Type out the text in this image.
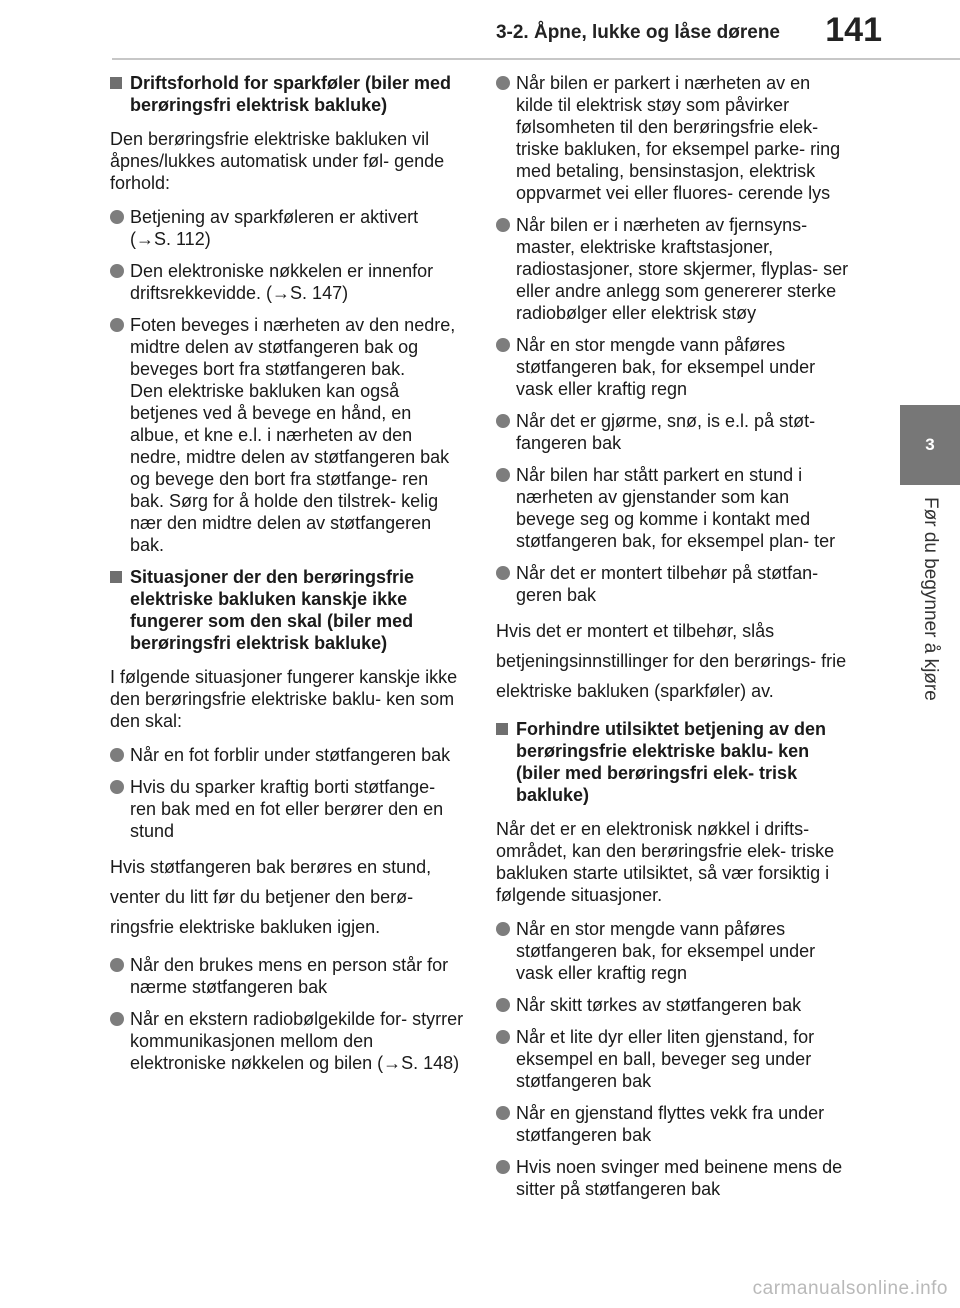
3-2. Åpne, lukke og låse dørene 141
3
Før du begynner å kjøre
Driftsforhold for sparkføler (biler med berøringsfri elektrisk bakluke)
Den berøringsfrie elektriske bakluken vil åpnes/lukkes automatisk under føl- gende forhold:
Betjening av sparkføleren er aktivert (→S. 112)
Den elektroniske nøkkelen er innenfor driftsrekkevidde. (→S. 147)
Foten beveges i nærheten av den nedre, midtre delen av støtfangeren bak og beveges bort fra støtfangeren bak.
Den elektriske bakluken kan også betjenes ved å bevege en hånd, en albue, et kne e.l. i nærheten av den nedre, midtre delen av støtfangeren bak og bevege den bort fra støtfange- ren bak. Sørg for å holde den tilstrek- kelig nær den midtre delen av støtfangeren bak.
Situasjoner der den berøringsfrie elektriske bakluken kanskje ikke fungerer som den skal (biler med berøringsfri elektrisk bakluke)
I følgende situasjoner fungerer kanskje ikke den berøringsfrie elektriske baklu- ken som den skal:
Når en fot forblir under støtfangeren bak
Hvis du sparker kraftig borti støtfange- ren bak med en fot eller berører den en stund
Hvis støtfangeren bak berøres en stund, venter du litt før du betjener den berø- ringsfrie elektriske bakluken igjen.
Når den brukes mens en person står for nærme støtfangeren bak
Når en ekstern radiobølgekilde for- styrrer kommunikasjonen mellom den elektroniske nøkkelen og bilen (→S. 148)
Når bilen er parkert i nærheten av en kilde til elektrisk støy som påvirker følsomheten til den berøringsfrie elek- triske bakluken, for eksempel parke- ring med betaling, bensinstasjon, elektrisk oppvarmet vei eller fluores- cerende lys
Når bilen er i nærheten av fjernsyns- master, elektriske kraftstasjoner, radiostasjoner, store skjermer, flyplas- ser eller andre anlegg som genererer sterke radiobølger eller elektrisk støy
Når en stor mengde vann påføres støtfangeren bak, for eksempel under vask eller kraftig regn
Når det er gjørme, snø, is e.l. på støt- fangeren bak
Når bilen har stått parkert en stund i nærheten av gjenstander som kan bevege seg og komme i kontakt med støtfangeren bak, for eksempel plan- ter
Når det er montert tilbehør på støtfan- geren bak
Hvis det er montert et tilbehør, slås betjeningsinnstillinger for den berørings- frie elektriske bakluken (sparkføler) av.
Forhindre utilsiktet betjening av den berøringsfrie elektriske baklu- ken (biler med berøringsfri elek- trisk bakluke)
Når det er en elektronisk nøkkel i drifts- området, kan den berøringsfrie elek- triske bakluken starte utilsiktet, så vær forsiktig i følgende situasjoner.
Når en stor mengde vann påføres støtfangeren bak, for eksempel under vask eller kraftig regn
Når skitt tørkes av støtfangeren bak
Når et lite dyr eller liten gjenstand, for eksempel en ball, beveger seg under støtfangeren bak
Når en gjenstand flyttes vekk fra under støtfangeren bak
Hvis noen svinger med beinene mens de sitter på støtfangeren bak
carmanualsonline.info
